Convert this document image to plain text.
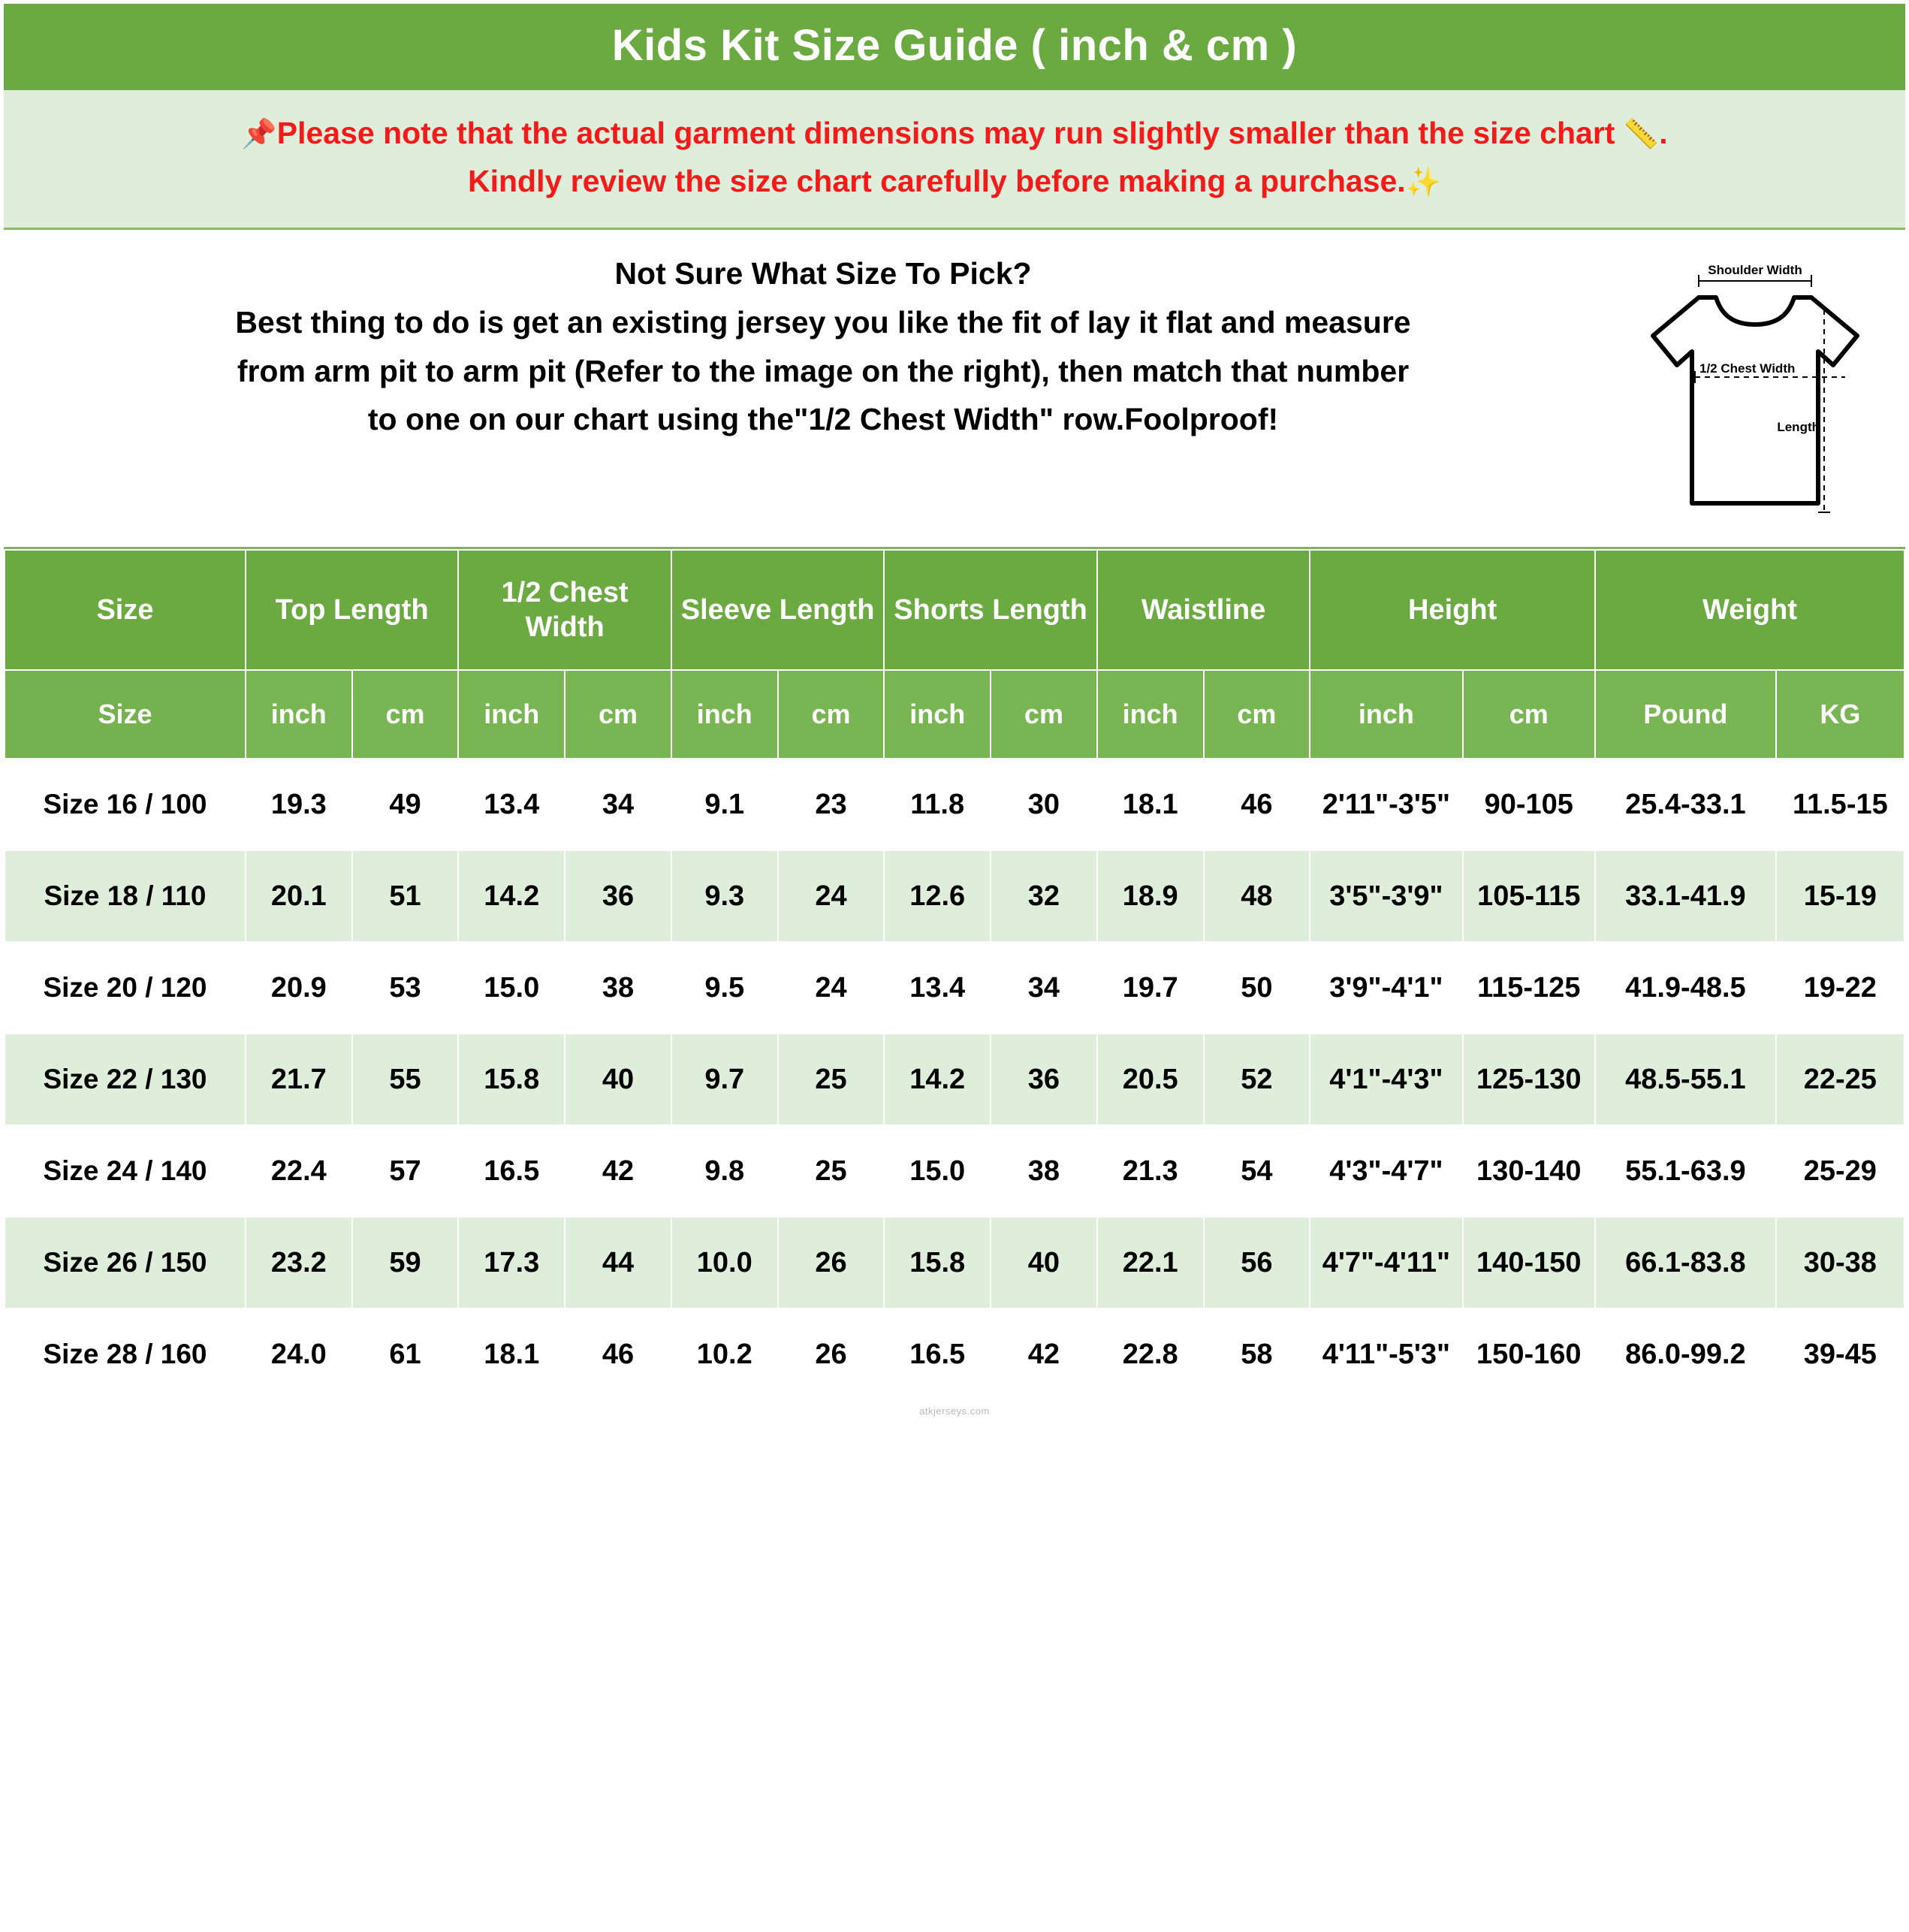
Kids Kit Size Guide ( inch & cm )
📌Please note that the actual garment dimensions may run slightly smaller than the size chart 📏.
Kindly review the size chart carefully before making a purchase.✨
Not Sure What Size To Pick?
Best thing to do is get an existing jersey you like the fit of lay it flat and measure
from arm pit to arm pit (Refer to the image on the right), then match that number
to one on our chart using the"1/2 Chest Width" row.Foolproof!
Shoulder Width
1/2 Chest Width
Length
Size	Top Length		1/2 Chest Width		Sleeve Length		Shorts Length		Waistline		Height		Weight	
Size	inch	cm	inch	cm	inch	cm	inch	cm	inch	cm	inch	cm	Pound	KG
Size 16 / 100	19.3	49	13.4	34	9.1	23	11.8	30	18.1	46	2'11"-3'5"	90-105	25.4-33.1	11.5-15
Size 18 / 110	20.1	51	14.2	36	9.3	24	12.6	32	18.9	48	3'5"-3'9"	105-115	33.1-41.9	15-19
Size 20 / 120	20.9	53	15.0	38	9.5	24	13.4	34	19.7	50	3'9"-4'1"	115-125	41.9-48.5	19-22
Size 22 / 130	21.7	55	15.8	40	9.7	25	14.2	36	20.5	52	4'1"-4'3"	125-130	48.5-55.1	22-25
Size 24 / 140	22.4	57	16.5	42	9.8	25	15.0	38	21.3	54	4'3"-4'7"	130-140	55.1-63.9	25-29
Size 26 / 150	23.2	59	17.3	44	10.0	26	15.8	40	22.1	56	4'7"-4'11"	140-150	66.1-83.8	30-38
Size 28 / 160	24.0	61	18.1	46	10.2	26	16.5	42	22.8	58	4'11"-5'3"	150-160	86.0-99.2	39-45
atkjerseys.com
